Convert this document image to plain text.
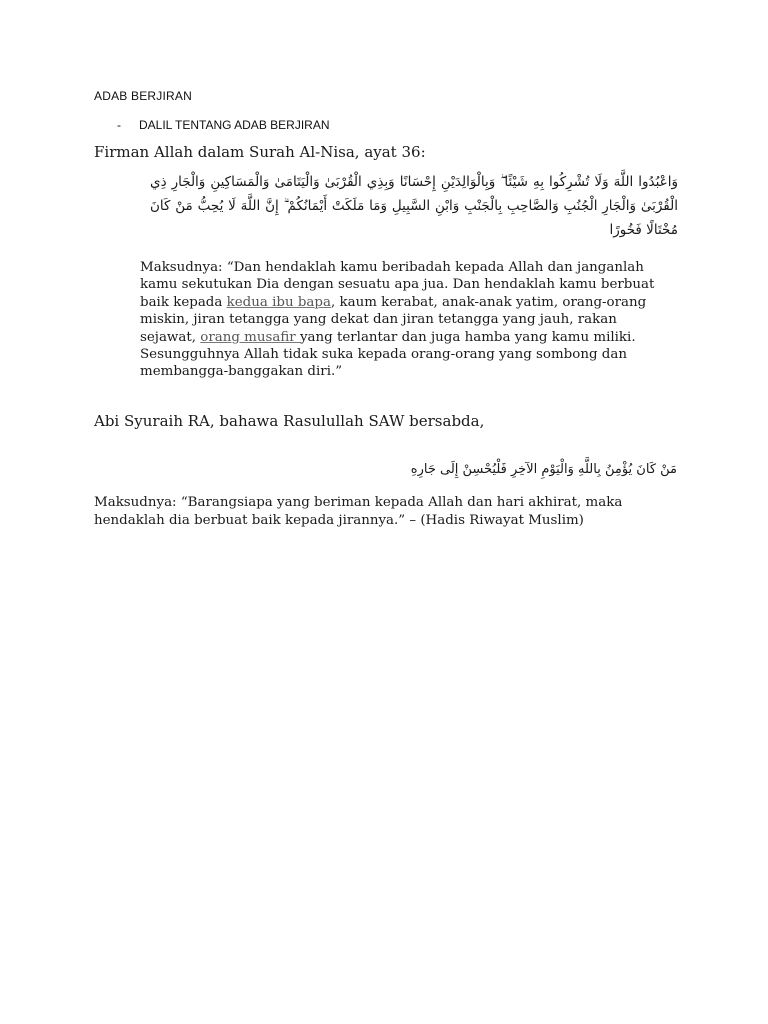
ADAB BERJIRAN
-	DALIL TENTANG ADAB BERJIRAN
Firman Allah dalam Surah Al-Nisa, ayat 36:
وَاعْبُدُوا اللَّهَ وَلَا تُشْرِكُوا بِهِ شَيْئًا ۖ وَبِالْوَالِدَيْنِ إِحْسَانًا وَبِذِي الْقُرْبَىٰ وَالْيَتَامَىٰ وَالْمَسَاكِينِ وَالْجَارِ ذِي الْقُرْبَىٰ وَالْجَارِ الْجُنُبِ وَالصَّاحِبِ بِالْجَنْبِ وَابْنِ السَّبِيلِ وَمَا مَلَكَتْ أَيْمَانُكُمْ ۗ إِنَّ اللَّهَ لَا يُحِبُّ مَنْ كَانَ مُخْتَالًا فَخُورًا
Maksudnya: “Dan hendaklah kamu beribadah kepada Allah dan janganlah kamu sekutukan Dia dengan sesuatu apa jua. Dan hendaklah kamu berbuat baik kepada kedua ibu bapa, kaum kerabat, anak-anak yatim, orang-orang miskin, jiran tetangga yang dekat dan jiran tetangga yang jauh, rakan sejawat, orang musafir yang terlantar dan juga hamba yang kamu miliki. Sesungguhnya Allah tidak suka kepada orang-orang yang sombong dan membangga-banggakan diri.”
Abi Syuraih RA, bahawa Rasulullah SAW bersabda,
مَنْ كَانَ يُؤْمِنُ بِاللَّهِ وَالْيَوْمِ الآخِرِ فَلْيُحْسِنْ إِلَى جَارِهِ
Maksudnya: “Barangsiapa yang beriman kepada Allah dan hari akhirat, maka hendaklah dia berbuat baik kepada jirannya.” – (Hadis Riwayat Muslim)
